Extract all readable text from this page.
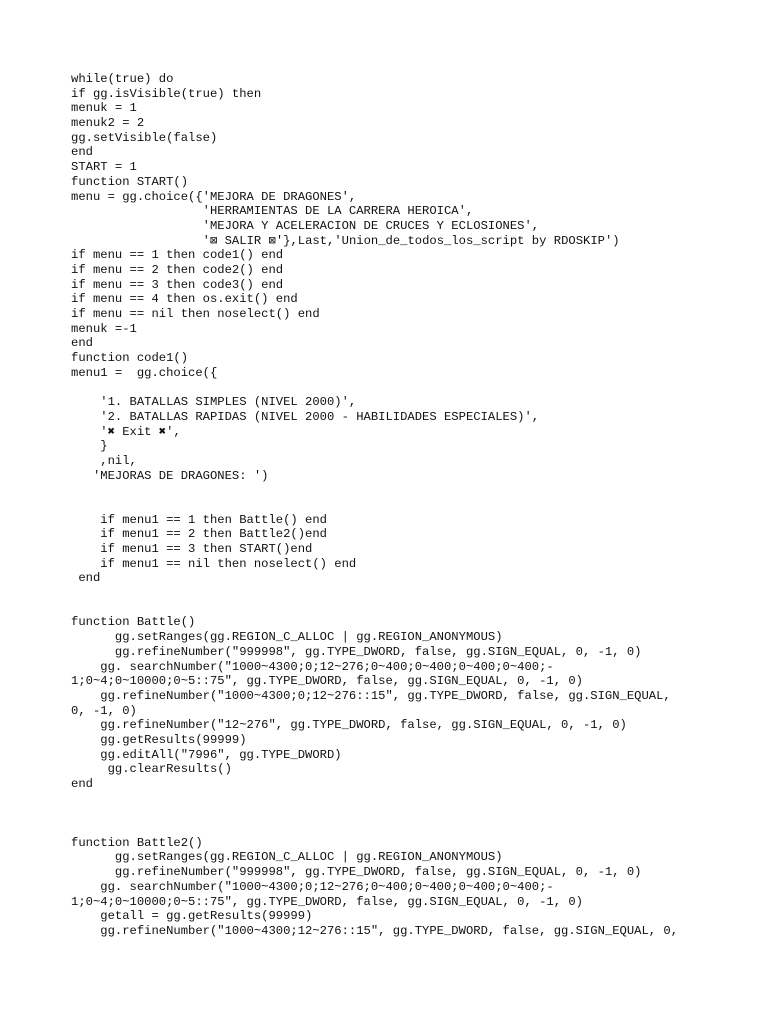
while(true) do
if gg.isVisible(true) then
menuk = 1
menuk2 = 2
gg.setVisible(false)
end
START = 1
function START()
menu = gg.choice({'MEJORA DE DRAGONES',
'HERRAMIENTAS DE LA CARRERA HEROICA',
'MEJORA Y ACELERACION DE CRUCES Y ECLOSIONES',
'⊠ SALIR ⊠'},Last,'Union_de_todos_los_script by RDOSKIP')
if menu == 1 then code1() end
if menu == 2 then code2() end
if menu == 3 then code3() end
if menu == 4 then os.exit() end
if menu == nil then noselect() end
menuk =-1
end
function code1()
menu1 =  gg.choice({
'1. BATALLAS SIMPLES (NIVEL 2000)',
'2. BATALLAS RAPIDAS (NIVEL 2000 - HABILIDADES ESPECIALES)',
'✖ Exit ✖',
}
,nil,
'MEJORAS DE DRAGONES: ')
if menu1 == 1 then Battle() end
if menu1 == 2 then Battle2()end
if menu1 == 3 then START()end
if menu1 == nil then noselect() end
end
function Battle()
gg.setRanges(gg.REGION_C_ALLOC | gg.REGION_ANONYMOUS)
gg.refineNumber("999998", gg.TYPE_DWORD, false, gg.SIGN_EQUAL, 0, -1, 0)
gg. searchNumber("1000~4300;0;12~276;0~400;0~400;0~400;0~400;-
1;0~4;0~10000;0~5::75", gg.TYPE_DWORD, false, gg.SIGN_EQUAL, 0, -1, 0)
gg.refineNumber("1000~4300;0;12~276::15", gg.TYPE_DWORD, false, gg.SIGN_EQUAL,
0, -1, 0)
gg.refineNumber("12~276", gg.TYPE_DWORD, false, gg.SIGN_EQUAL, 0, -1, 0)
gg.getResults(99999)
gg.editAll("7996", gg.TYPE_DWORD)
gg.clearResults()
end
function Battle2()
gg.setRanges(gg.REGION_C_ALLOC | gg.REGION_ANONYMOUS)
gg.refineNumber("999998", gg.TYPE_DWORD, false, gg.SIGN_EQUAL, 0, -1, 0)
gg. searchNumber("1000~4300;0;12~276;0~400;0~400;0~400;0~400;-
1;0~4;0~10000;0~5::75", gg.TYPE_DWORD, false, gg.SIGN_EQUAL, 0, -1, 0)
getall = gg.getResults(99999)
gg.refineNumber("1000~4300;12~276::15", gg.TYPE_DWORD, false, gg.SIGN_EQUAL, 0,
